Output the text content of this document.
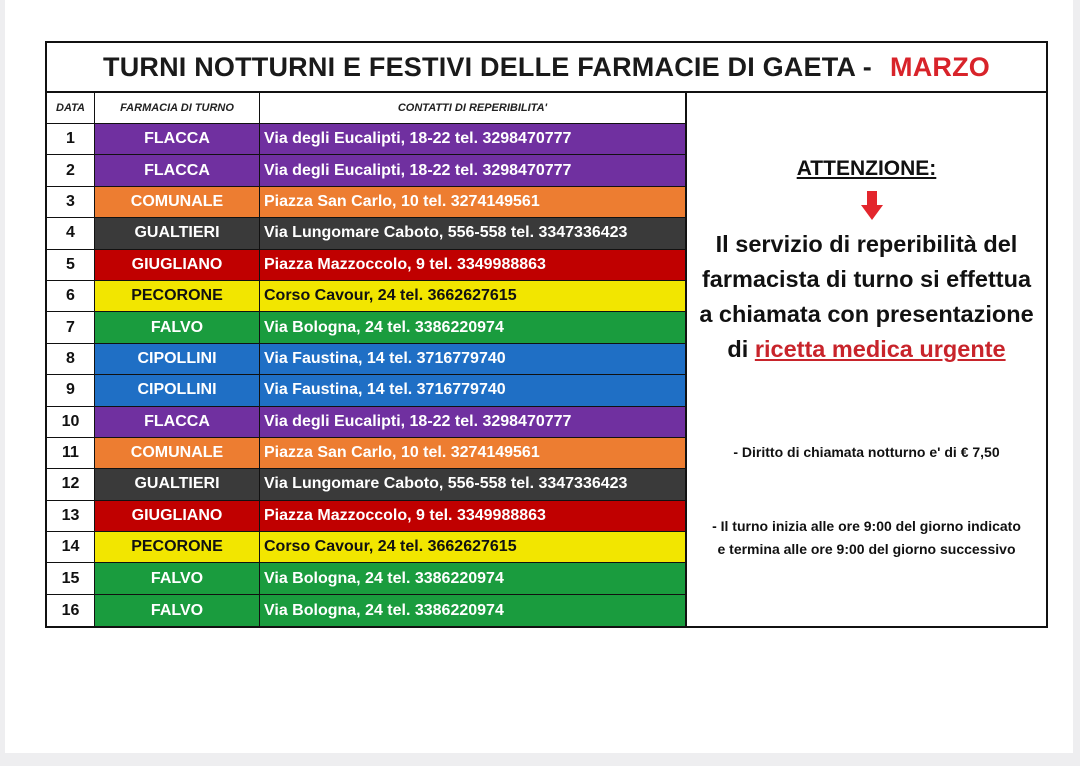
TURNI NOTTURNI E FESTIVI DELLE FARMACIE DI GAETA - MARZO
DATA	FARMACIA DI TURNO	CONTATTI DI REPERIBILITA'
1	FLACCA	Via degli Eucalipti, 18-22 tel. 3298470777
2	FLACCA	Via degli Eucalipti, 18-22 tel. 3298470777
3	COMUNALE	Piazza San Carlo, 10 tel. 3274149561
4	GUALTIERI	Via Lungomare Caboto, 556-558 tel. 3347336423
5	GIUGLIANO	Piazza Mazzoccolo, 9 tel. 3349988863
6	PECORONE	Corso Cavour, 24 tel. 3662627615
7	FALVO	Via Bologna, 24 tel. 3386220974
8	CIPOLLINI	Via Faustina, 14 tel. 3716779740
9	CIPOLLINI	Via Faustina, 14 tel. 3716779740
10	FLACCA	Via degli Eucalipti, 18-22 tel. 3298470777
11	COMUNALE	Piazza San Carlo, 10 tel. 3274149561
12	GUALTIERI	Via Lungomare Caboto, 556-558 tel. 3347336423
13	GIUGLIANO	Piazza Mazzoccolo, 9 tel. 3349988863
14	PECORONE	Corso Cavour, 24 tel. 3662627615
15	FALVO	Via Bologna, 24 tel. 3386220974
16	FALVO	Via Bologna, 24 tel. 3386220974
ATTENZIONE:
Il servizio di reperibilità del
farmacista di turno si effettua
a chiamata con presentazione
di ricetta medica urgente
- Diritto di chiamata notturno e' di € 7,50
- Il turno inizia alle ore 9:00 del giorno indicato
e termina alle ore 9:00 del giorno successivo
